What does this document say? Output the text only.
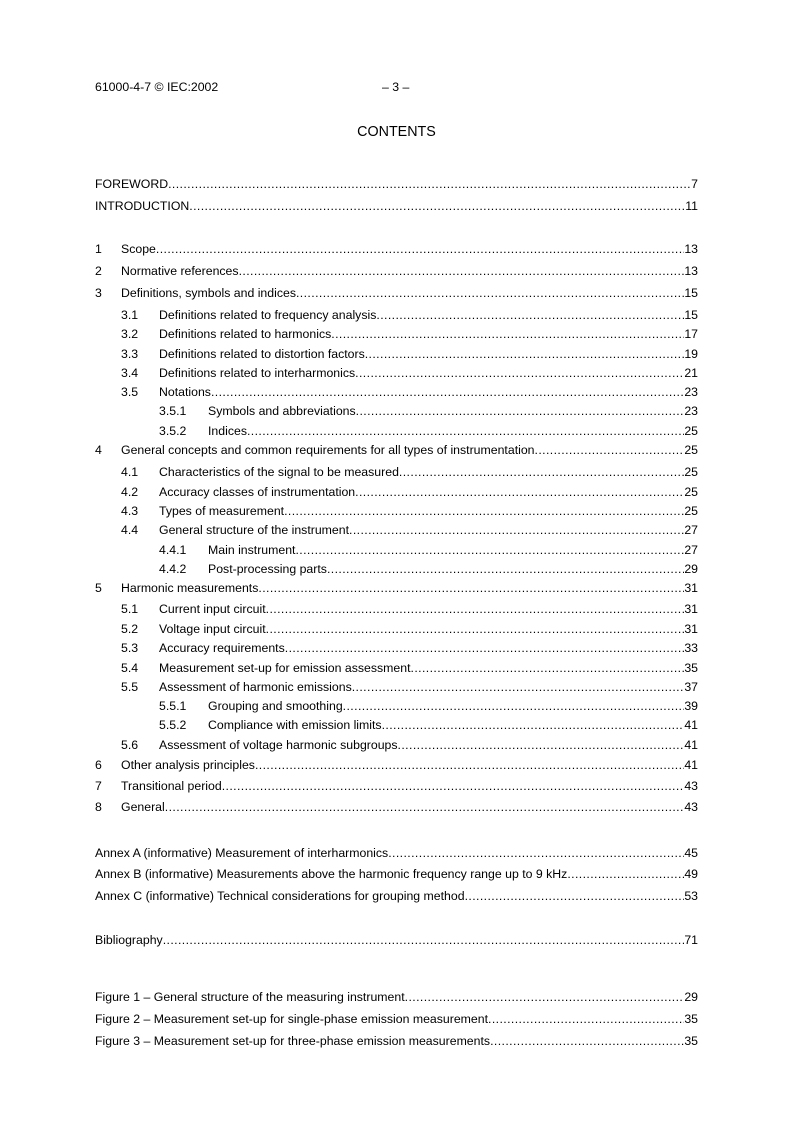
61000-4-7 © IEC:2002	– 3 –
CONTENTS
FOREWORD .....	7
INTRODUCTION .....	11
1	Scope .....	13
2	Normative references .....	13
3	Definitions, symbols and indices .....	15
3.1	Definitions related to frequency analysis .....	15
3.2	Definitions related to harmonics .....	17
3.3	Definitions related to distortion factors .....	19
3.4	Definitions related to interharmonics .....	21
3.5	Notations .....	23
3.5.1	Symbols and abbreviations .....	23
3.5.2	Indices .....	25
4	General concepts and common requirements for all types of instrumentation .....	25
4.1	Characteristics of the signal to be measured .....	25
4.2	Accuracy classes of instrumentation .....	25
4.3	Types of measurement .....	25
4.4	General structure of the instrument .....	27
4.4.1	Main instrument .....	27
4.4.2	Post-processing parts .....	29
5	Harmonic measurements .....	31
5.1	Current input circuit .....	31
5.2	Voltage input circuit .....	31
5.3	Accuracy requirements .....	33
5.4	Measurement set-up for emission assessment .....	35
5.5	Assessment of harmonic emissions .....	37
5.5.1	Grouping and smoothing .....	39
5.5.2	Compliance with emission limits .....	41
5.6	Assessment of voltage harmonic subgroups .....	41
6	Other analysis principles .....	41
7	Transitional period .....	43
8	General .....	43
Annex A (informative) Measurement of interharmonics .....	45
Annex B (informative) Measurements above the harmonic frequency range up to 9 kHz .....	49
Annex C (informative) Technical considerations for grouping method .....	53
Bibliography .....	71
Figure 1 – General structure of the measuring instrument .....	29
Figure 2 – Measurement set-up for single-phase emission measurement .....	35
Figure 3 – Measurement set-up for three-phase emission measurements .....	35
